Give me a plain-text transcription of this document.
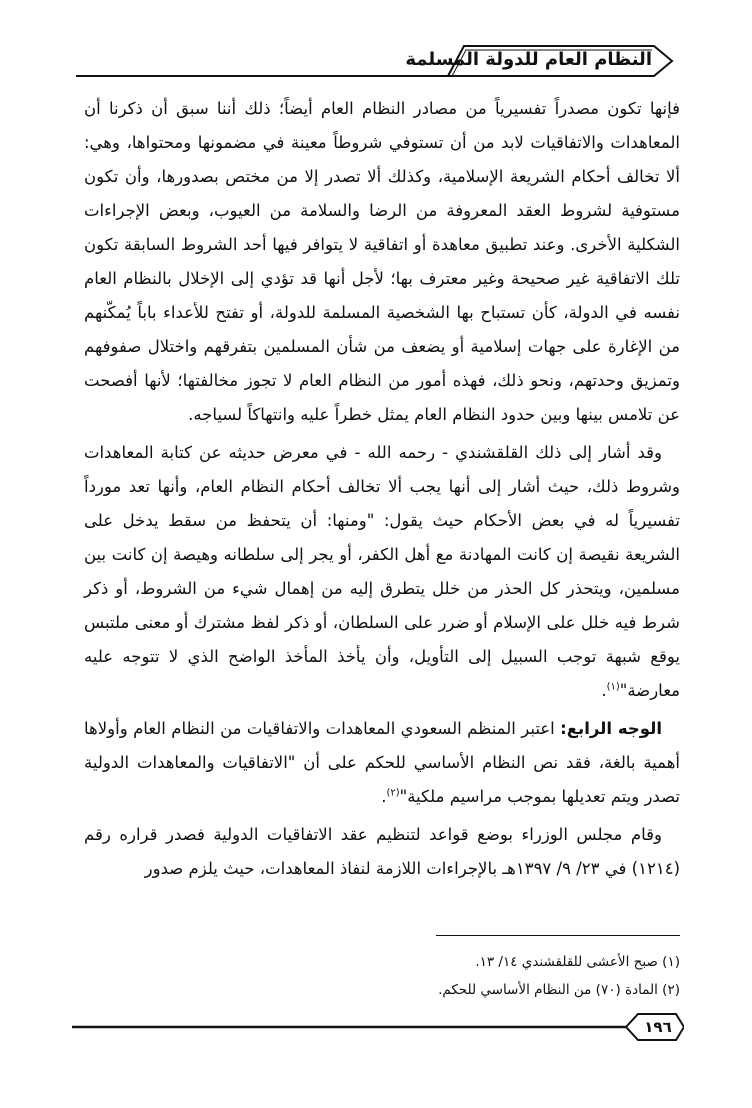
النظام العام للدولة المسلمة

فإنها تكون مصدراً تفسيرياً من مصادر النظام العام أيضاً؛ ذلك أننا سبق أن ذكرنا أن المعاهدات والاتفاقيات لابد من أن تستوفي شروطاً معينة في مضمونها ومحتواها، وهي: ألا تخالف أحكام الشريعة الإسلامية، وكذلك ألا تصدر إلا من مختص بصدورها، وأن تكون مستوفية لشروط العقد المعروفة من الرضا والسلامة من العيوب، وبعض الإجراءات الشكلية الأخرى. وعند تطبيق معاهدة أو اتفاقية لا يتوافر فيها أحد الشروط السابقة تكون تلك الاتفاقية غير صحيحة وغير معترف بها؛ لأجل أنها قد تؤدي إلى الإخلال بالنظام العام نفسه في الدولة، كأن تستباح بها الشخصية المسلمة للدولة، أو تفتح للأعداء باباً يُمكّنهم من الإغارة على جهات إسلامية أو يضعف من شأن المسلمين بتفرقهم واختلال صفوفهم وتمزيق وحدتهم، ونحو ذلك، فهذه أمور من النظام العام لا تجوز مخالفتها؛ لأنها أفصحت عن تلامس بينها وبين حدود النظام العام يمثل خطراً عليه وانتهاكاً لسياجه.

وقد أشار إلى ذلك القلقشندي - رحمه الله - في معرض حديثه عن كتابة المعاهدات وشروط ذلك، حيث أشار إلى أنها يجب ألا تخالف أحكام النظام العام، وأنها تعد مورداً تفسيرياً له في بعض الأحكام حيث يقول: "ومنها: أن يتحفظ من سقط يدخل على الشريعة نقيصة إن كانت المهادنة مع أهل الكفر، أو يجر إلى سلطانه وهيصة إن كانت بين مسلمين، ويتحذر كل الحذر من خلل يتطرق إليه من إهمال شيء من الشروط، أو ذكر شرط فيه خلل على الإسلام أو ضرر على السلطان، أو ذكر لفظ مشترك أو معنى ملتبس يوقع شبهة توجب السبيل إلى التأويل، وأن يأخذ المأخذ الواضح الذي لا تتوجه عليه معارضة"$^{(١)}$.

الوجه الرابع: اعتبر المنظم السعودي المعاهدات والاتفاقيات من النظام العام وأولاها أهمية بالغة، فقد نص النظام الأساسي للحكم على أن "الاتفاقيات والمعاهدات الدولية تصدر ويتم تعديلها بموجب مراسيم ملكية"$^{(٢)}$.

وقام مجلس الوزراء بوضع قواعد لتنظيم عقد الاتفاقيات الدولية فصدر قراره رقم (١٢١٤) في ٢٣/ ٩/ ١٣٩٧هـ بالإجراءات اللازمة لنفاذ المعاهدات، حيث يلزم صدور

(١) صبح الأعشى للقلقشندي ١٤/ ١٣.
(٢) المادة (٧٠) من النظام الأساسي للحكم.
١٩٦
